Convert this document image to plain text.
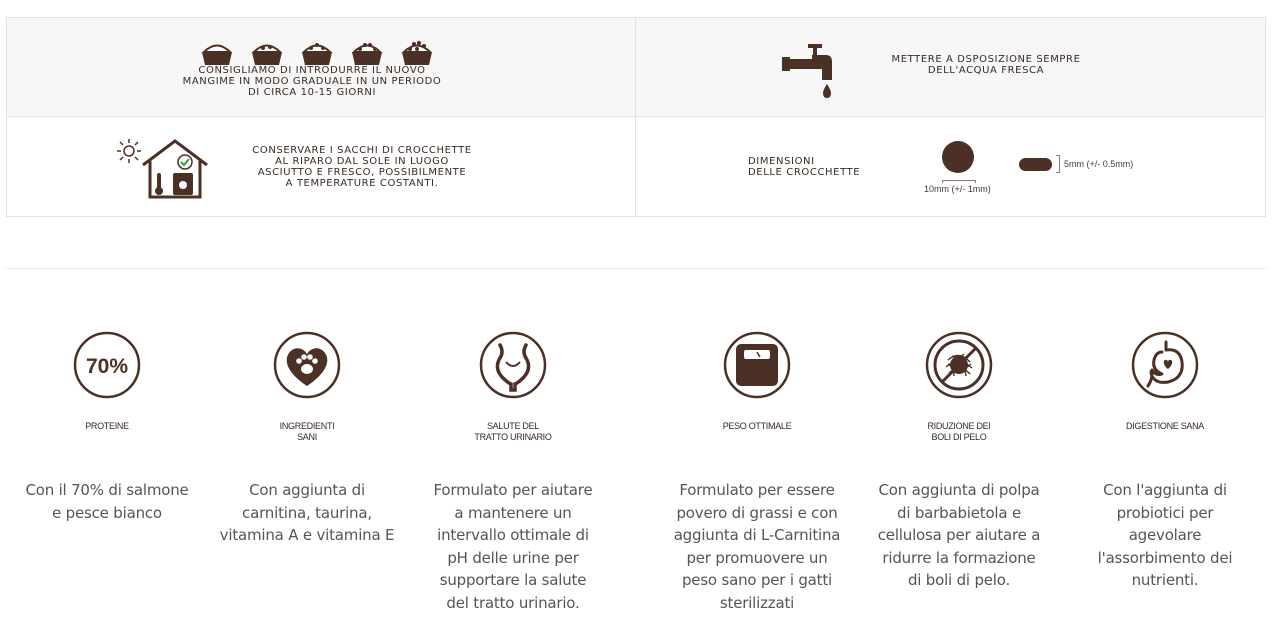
CONSIGLIAMO DI INTRODURRE IL NUOVO
MANGIME IN MODO GRADUALE IN UN PERIODO
DI CIRCA 10-15 GIORNI
METTERE A DSPOSIZIONE SEMPRE
DELL'ACQUA FRESCA
CONSERVARE I SACCHI DI CROCCHETTE
AL RIPARO DAL SOLE IN LUOGO
ASCIUTTO E FRESCO, POSSIBILMENTE
A TEMPERATURE COSTANTI.
DIMENSIONI
DELLE CROCCHETTE
10mm (+/- 1mm)
5mm (+/- 0.5mm)
70%
PROTEINE
Con il 70% di salmone
e pesce bianco
INGREDIENTI
SANI
Con aggiunta di
carnitina, taurina,
vitamina A e vitamina E
SALUTE DEL
TRATTO URINARIO
Formulato per aiutare
a mantenere un
intervallo ottimale di
pH delle urine per
supportare la salute
del tratto urinario.
PESO OTTIMALE
Formulato per essere
povero di grassi e con
aggiunta di L-Carnitina
per promuovere un
peso sano per i gatti
sterilizzati
RIDUZIONE DEI
BOLI DI PELO
Con aggiunta di polpa
di barbabietola e
cellulosa per aiutare a
ridurre la formazione
di boli di pelo.
DIGESTIONE SANA
Con l'aggiunta di
probiotici per
agevolare
l'assorbimento dei
nutrienti.
